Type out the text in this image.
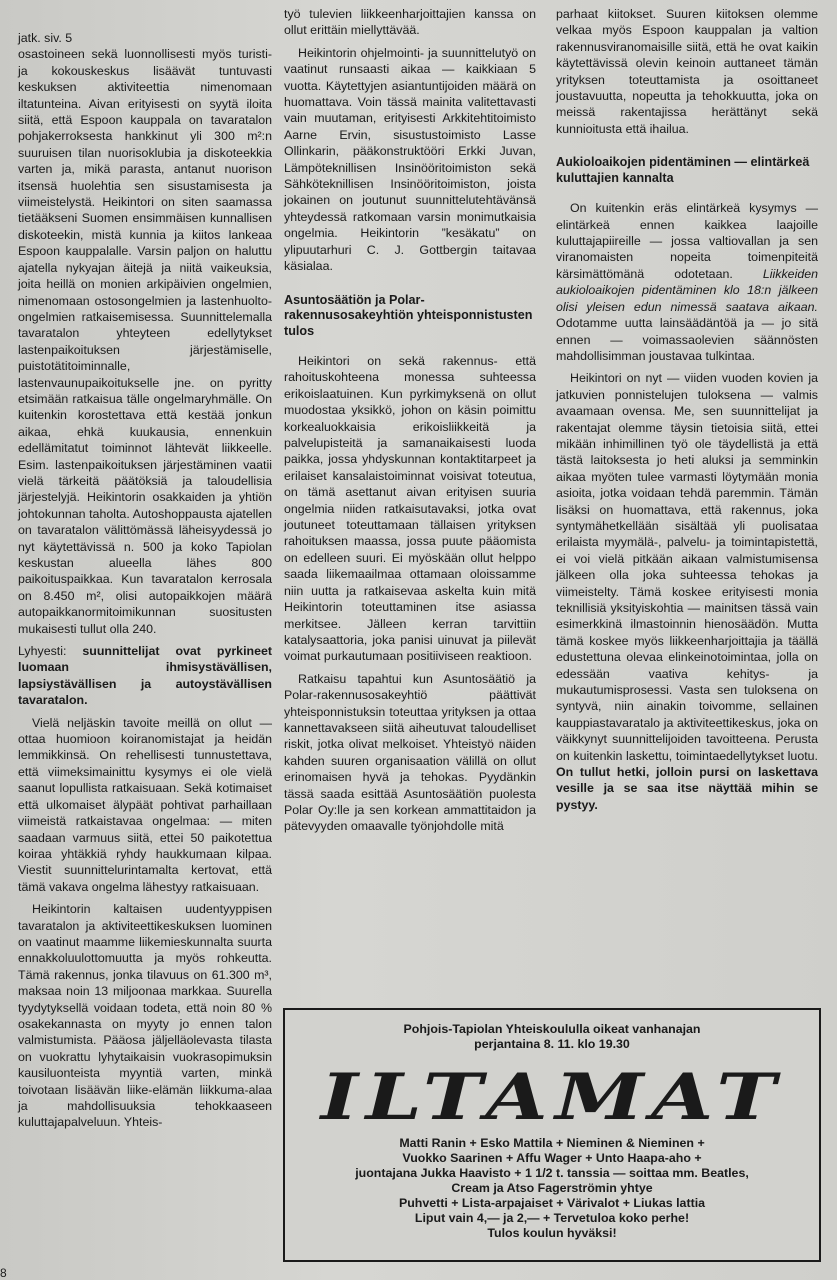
jatk. siv. 5

osastoineen sekä luonnollisesti myös turisti- ja kokouskeskus lisäävät tuntuvasti keskuksen aktiviteettia nimenomaan iltatunteina. Aivan erityisesti on syytä iloita siitä, että Espoon kauppala on tavaratalon pohjakerroksesta hankkinut yli 300 m²:n suuruisen tilan nuorisoklubia ja diskoteekkia varten ja, mikä parasta, antanut nuorison itsensä huolehtia sen sisustamisesta ja viimeistelystä. Heikintori on siten saamassa tietääkseni Suomen ensimmäisen kunnallisen diskoteekin, mistä kunnia ja kiitos lankeaa Espoon kauppalalle. Varsin paljon on haluttu ajatella nykyajan äitejä ja niitä vaikeuksia, joita heillä on monien arkipäivien ongelmien, nimenomaan ostosongelmien ja lastenhuolto-ongelmien ratkaisemisessa. Suunnittelemalla tavaratalon yhteyteen edellytykset lastenpaikoituksen järjestämiselle, puistotätitoiminnalle, lastenvaunupaikoitukselle jne. on pyritty etsimään ratkaisua tälle ongelmaryhmälle. On kuitenkin korostettava että kestää jonkun aikaa, ehkä kuukausia, ennenkuin edellämitatut toiminnot lähtevät liikkeelle. Esim. lastenpaikoituksen järjestäminen vaatii vielä tärkeitä päätöksiä ja taloudellisia järjestelyjä. Heikintorin osakkaiden ja yhtiön johtokunnan taholta. Autoshoppausta ajatellen on tavaratalon välittömässä läheisyydessä jo nyt käytettävissä n. 500 ja koko Tapiolan keskustan alueella lähes 800 paikoituspaikkaa. Kun tavaratalon kerrosala on 8.450 m², olisi autopaikkojen määrä autopaikkanormitoimikunnan suositusten mukaisesti tullut olla 240.

Lyhyesti: suunnittelijat ovat pyrkineet luomaan ihmisystävällisen, lapsiystävällisen ja autoystävällisen tavaratalon.

Vielä neljäskin tavoite meillä on ollut — ottaa huomioon koiranomistajat ja heidän lemmikkinsä. On rehellisesti tunnustettava, että viimeksimainittu kysymys ei ole vielä saanut lopullista ratkaisuaan. Sekä kotimaiset että ulkomaiset älypäät pohtivat parhaillaan viimeistä ratkaistavaa ongelmaa: — miten saadaan varmuus siitä, ettei 50 paikotettua koiraa yhtäkkiä ryhdy haukkumaan kilpaa. Viestit suunnittelurintamalta kertovat, että tämä vakava ongelma lähestyy ratkaisuaan.

Heikintorin kaltaisen uudentyyppisen tavaratalon ja aktiviteettikeskuksen luominen on vaatinut maamme liikemieskunnalta suurta ennakkoluulottomuutta ja myös rohkeutta. Tämä rakennus, jonka tilavuus on 61.300 m³, maksaa noin 13 miljoonaa markkaa. Suurella tyydytyksellä voidaan todeta, että noin 80 % osakekannasta on myyty jo ennen talon valmistumista. Pääosa jäljelläolevasta tilasta on vuokrattu lyhytaikaisin vuokrasopimuksin kausiluonteista myyntiä varten, minkä toivotaan lisäävän liike-elämän liikkuma-alaa ja mahdollisuuksia tehokkaaseen kuluttajapalveluun. Yhteis-

työ tulevien liikkeenharjoittajien kanssa on ollut erittäin miellyttävää.

Heikintorin ohjelmointi- ja suunnittelutyö on vaatinut runsaasti aikaa — kaikkiaan 5 vuotta. Käytettyjen asiantuntijoiden määrä on huomattava. Voin tässä mainita valitettavasti vain muutaman, erityisesti Arkkitehtitoimisto Aarne Ervin, sisustustoimisto Lasse Ollinkarin, pääkonstruktööri Erkki Juvan, Lämpöteknillisen Insinööritoimiston sekä Sähköteknillisen Insinööritoimiston, joista jokainen on joutunut suunnittelutehtävänsä yhteydessä ratkomaan varsin monimutkaisia ongelmia. Heikintorin ”kesäkatu” on ylipuutarhuri C. J. Gottbergin taitavaa käsialaa.

Asuntosäätiön ja Polar-rakennusosakeyhtiön yhteisponnistusten tulos

Heikintori on sekä rakennus- että rahoituskohteena monessa suhteessa erikoislaatuinen. Kun pyrkimyksenä on ollut muodostaa yksikkö, johon on käsin poimittu korkealuokkaisia erikoisliikkeitä ja palvelupisteitä ja samanaikaisesti luoda paikka, jossa yhdyskunnan kontaktitarpeet ja erilaiset kansalaistoiminnat voisivat toteutua, on tämä asettanut aivan erityisen suuria ongelmia niiden ratkaisutavaksi, jotka ovat joutuneet toteuttamaan tällaisen yrityksen rahoituksen maassa, jossa puute pääomista on edelleen suuri. Ei myöskään ollut helppo saada liikemaailmaa ottamaan oloissamme niin uutta ja ratkaisevaa askelta kuin mitä Heikintorin toteuttaminen itse asiassa merkitsee. Jälleen kerran tarvittiin katalysaattoria, joka panisi uinuvat ja piilevät voimat purkautumaan positiiviseen reaktioon.

Ratkaisu tapahtui kun Asuntosäätiö ja Polar-rakennusosakeyhtiö päättivät yhteisponnistuksin toteuttaa yrityksen ja ottaa kannettavakseen siitä aiheutuvat taloudelliset riskit, jotka olivat melkoiset. Yhteistyö näiden kahden suuren organisaation välillä on ollut erinomaisen hyvä ja tehokas. Pyydänkin tässä saada esittää Asuntosäätiön puolesta Polar Oy:lle ja sen korkean ammattitaidon ja pätevyyden omaavalle työnjohdolle mitä

parhaat kiitokset. Suuren kiitoksen olemme velkaa myös Espoon kauppalan ja valtion rakennusviranomaisille siitä, että he ovat kaikin käytettävissä olevin keinoin auttaneet tämän yrityksen toteuttamista ja osoittaneet joustavuutta, nopeutta ja tehokkuutta, joka on meissä rakentajissa herättänyt sekä kunnioitusta että ihailua.

Aukioloaikojen pidentäminen — elintärkeä kuluttajien kannalta

On kuitenkin eräs elintärkeä kysymys — elintärkeä ennen kaikkea laajoille kuluttajapiireille — jossa valtiovallan ja sen viranomaisten nopeita toimenpiteitä kärsimättömänä odotetaan. Liikkeiden aukioloaikojen pidentäminen klo 18:n jälkeen olisi yleisen edun nimessä saatava aikaan. Odotamme uutta lainsäädäntöä ja — jo sitä ennen — voimassaolevien säännösten mahdollisimman joustavaa tulkintaa.

Heikintori on nyt — viiden vuoden kovien ja jatkuvien ponnistelujen tuloksena — valmis avaamaan ovensa. Me, sen suunnittelijat ja rakentajat olemme täysin tietoisia siitä, ettei mikään inhimillinen työ ole täydellistä ja että tästä laitoksesta jo heti aluksi ja semminkin aikaa myöten tulee varmasti löytymään monia asioita, jotka voidaan tehdä paremmin. Tämän lisäksi on huomattava, että rakennus, joka syntymähetkellään sisältää yli puolisataa erilaista myymälä-, palvelu- ja toimintapistettä, ei voi vielä pitkään aikaan valmistumisensa jälkeen olla joka suhteessa tehokas ja viimeistelty. Tämä koskee erityisesti monia teknillisiä yksityiskohtia — mainitsen tässä vain esimerkkinä ilmastoinnin hienosäädön. Mutta tämä koskee myös liikkeenharjoittajia ja täällä edustettuna olevaa elinkeinotoimintaa, jolla on edessään vaativa kehitys- ja mukautumisprosessi. Vasta sen tuloksena on syntyvä, niin ainakin toivomme, sellainen kauppiastavaratalo ja aktiviteettikeskus, joka on väikkynyt suunnittelijoiden tavoitteena. Perusta on kuitenkin laskettu, toimintaedellytykset luotu. On tullut hetki, jolloin pursi on laskettava vesille ja se saa itse näyttää mihin se pystyy.

Pohjois-Tapiolan Yhteiskoululla oikeat vanhanajan
perjantaina 8. 11. klo 19.30
ILTAMAT
Matti Ranin + Esko Mattila + Nieminen & Nieminen +
Vuokko Saarinen + Affu Wager + Unto Haapa-aho +
juontajana Jukka Haavisto + 1 1/2 t. tanssia — soittaa mm. Beatles,
Cream ja Atso Fagerströmin yhtye
Puhvetti + Lista-arpajaiset + Värivalot + Liukas lattia
Liput vain 4,— ja 2,— + Tervetuloa koko perhe!
Tulos koulun hyväksi!
8
